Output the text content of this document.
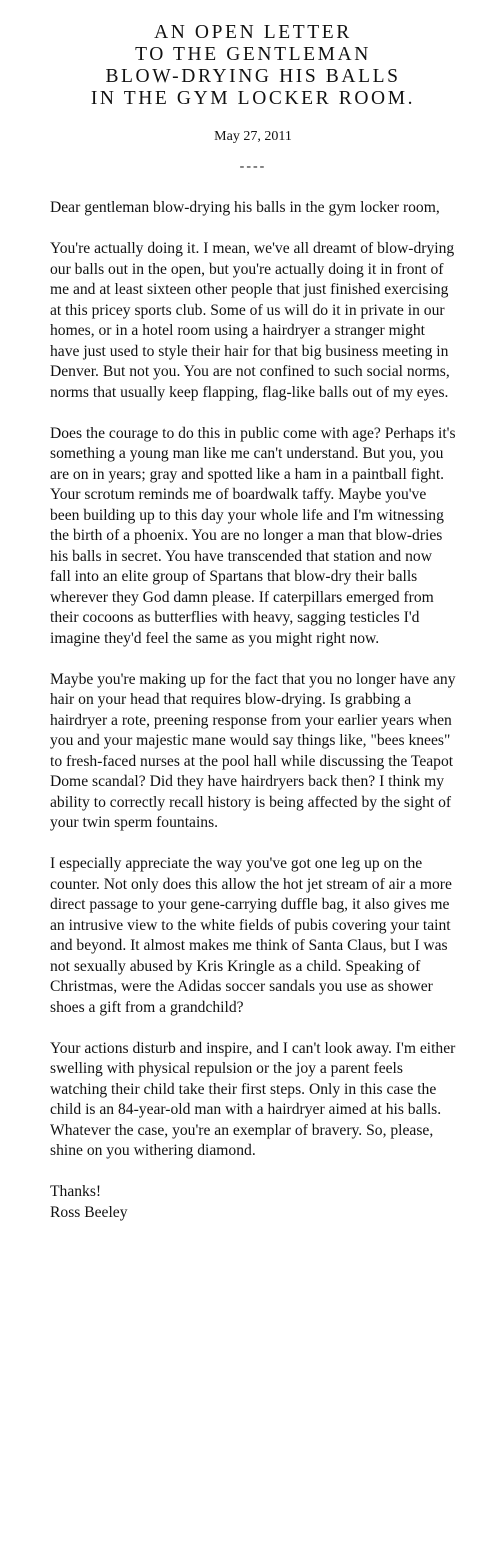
AN OPEN LETTER
TO THE GENTLEMAN
BLOW-DRYING HIS BALLS
IN THE GYM LOCKER ROOM.
May 27, 2011
----

Dear gentleman blow-drying his balls in the gym locker room,

You're actually doing it. I mean, we've all dreamt of blow-drying our balls out in the open, but you're actually doing it in front of me and at least sixteen other people that just finished exercising at this pricey sports club. Some of us will do it in private in our homes, or in a hotel room using a hairdryer a stranger might have just used to style their hair for that big business meeting in Denver. But not you. You are not confined to such social norms, norms that usually keep flapping, flag-like balls out of my eyes.

Does the courage to do this in public come with age? Perhaps it's something a young man like me can't understand. But you, you are on in years; gray and spotted like a ham in a paintball fight. Your scrotum reminds me of boardwalk taffy. Maybe you've been building up to this day your whole life and I'm witnessing the birth of a phoenix. You are no longer a man that blow-dries his balls in secret. You have transcended that station and now fall into an elite group of Spartans that blow-dry their balls wherever they God damn please. If caterpillars emerged from their cocoons as butterflies with heavy, sagging testicles I'd imagine they'd feel the same as you might right now.

Maybe you're making up for the fact that you no longer have any hair on your head that requires blow-drying. Is grabbing a hairdryer a rote, preening response from your earlier years when you and your majestic mane would say things like, "bees knees" to fresh-faced nurses at the pool hall while discussing the Teapot Dome scandal? Did they have hairdryers back then? I think my ability to correctly recall history is being affected by the sight of your twin sperm fountains.

I especially appreciate the way you've got one leg up on the counter. Not only does this allow the hot jet stream of air a more direct passage to your gene-carrying duffle bag, it also gives me an intrusive view to the white fields of pubis covering your taint and beyond. It almost makes me think of Santa Claus, but I was not sexually abused by Kris Kringle as a child. Speaking of Christmas, were the Adidas soccer sandals you use as shower shoes a gift from a grandchild?

Your actions disturb and inspire, and I can't look away. I'm either swelling with physical repulsion or the joy a parent feels watching their child take their first steps. Only in this case the child is an 84-year-old man with a hairdryer aimed at his balls. Whatever the case, you're an exemplar of bravery. So, please, shine on you withering diamond.

Thanks!
Ross Beeley
